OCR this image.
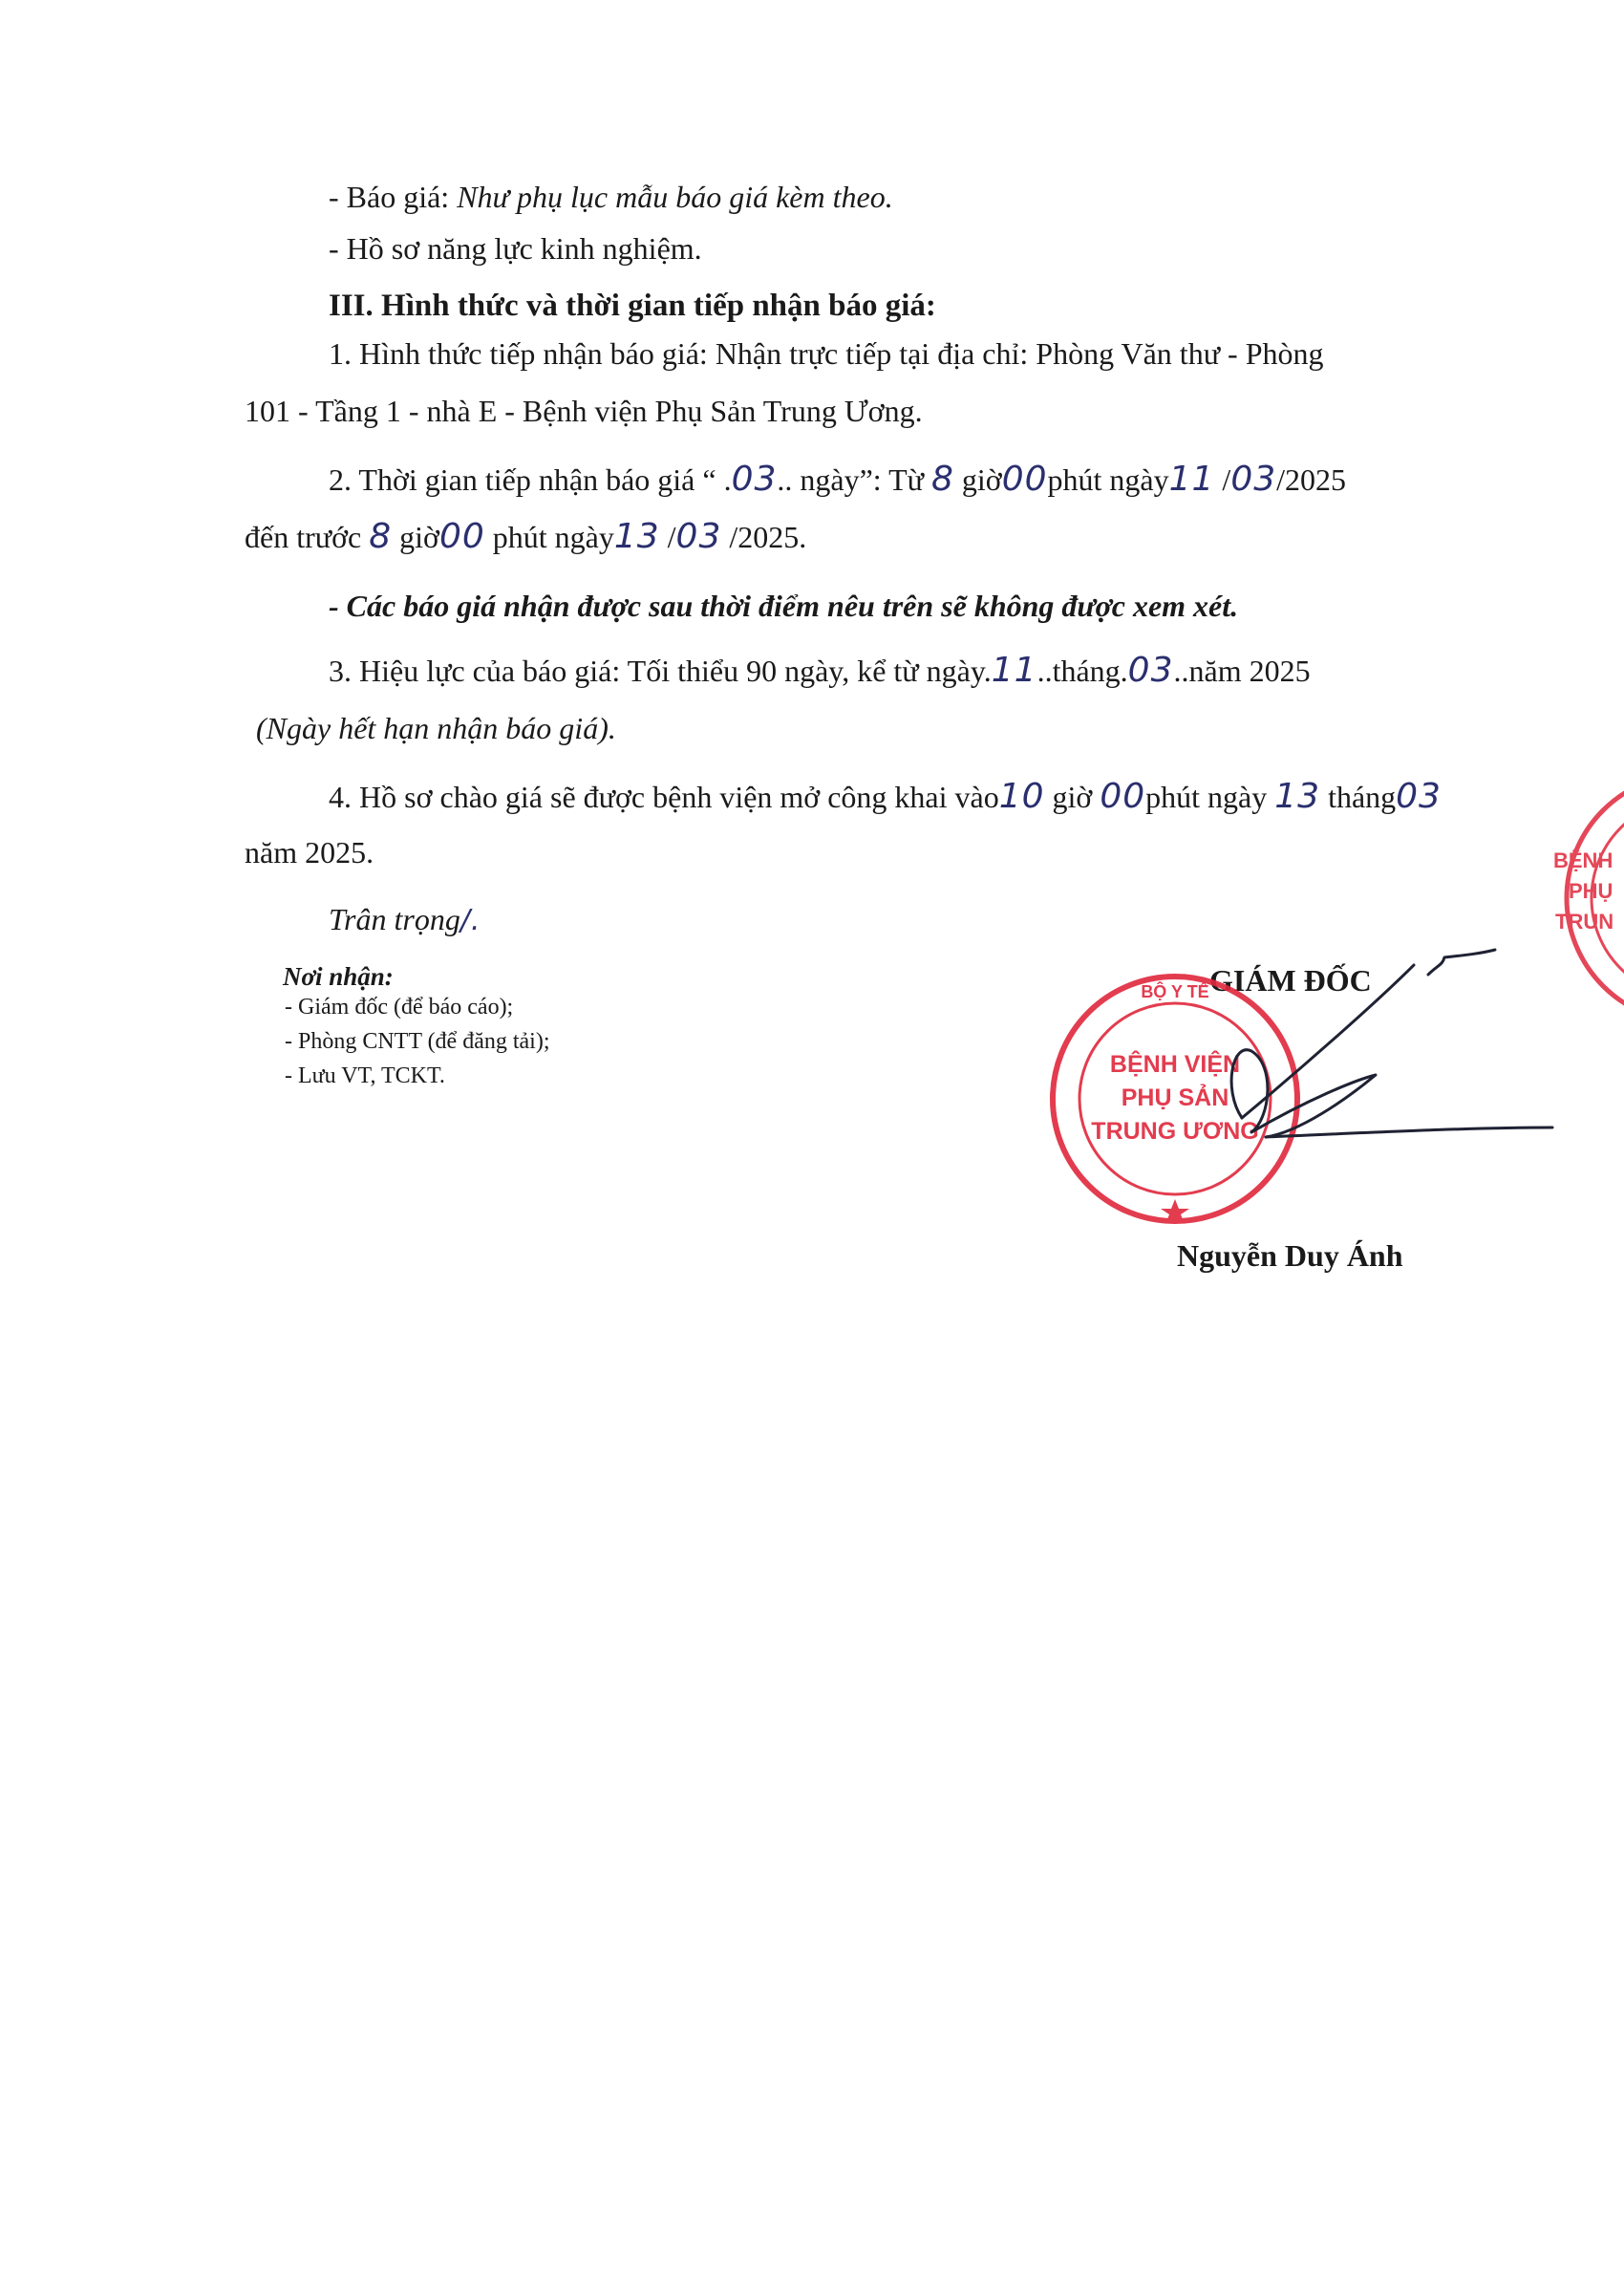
- Báo giá: Như phụ lục mẫu báo giá kèm theo.
- Hồ sơ năng lực kinh nghiệm.
III. Hình thức và thời gian tiếp nhận báo giá:
1. Hình thức tiếp nhận báo giá: Nhận trực tiếp tại địa chỉ: Phòng Văn thư - Phòng
101 - Tầng 1 - nhà E - Bệnh viện Phụ Sản Trung Ương.
2. Thời gian tiếp nhận báo giá “ .03.. ngày”: Từ 8 giờ00phút ngày11 /03/2025
đến trước 8 giờ00 phút ngày13 /03 /2025.
- Các báo giá nhận được sau thời điểm nêu trên sẽ không được xem xét.
3. Hiệu lực của báo giá: Tối thiểu 90 ngày, kể từ ngày.11..tháng.03..năm 2025
(Ngày hết hạn nhận báo giá).
4. Hồ sơ chào giá sẽ được bệnh viện mở công khai vào10 giờ 00phút ngày 13 tháng03
năm 2025.
Trân trọng/.
Nơi nhận:
- Giám đốc (để báo cáo);
- Phòng CNTT (để đăng tải);
- Lưu VT, TCKT.
GIÁM ĐỐC
BỘ Y TẾ
BỆNH VIỆN
PHỤ SẢN
TRUNG ƯƠNG
Nguyễn Duy Ánh
BỆNH
PHỤ
TRUN
